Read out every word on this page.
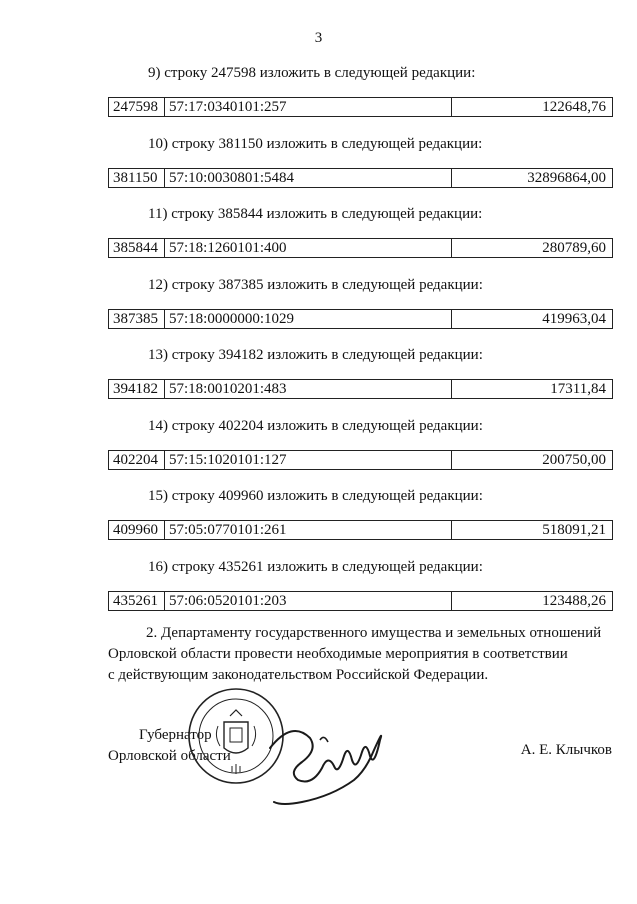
3
9) строку 247598 изложить в следующей редакции:
247598 57:17:0340101:257	122648,76
10) строку 381150 изложить в следующей редакции:
381150 57:10:0030801:5484	32896864,00
11) строку 385844 изложить в следующей редакции:
385844 57:18:1260101:400	280789,60
12) строку 387385 изложить в следующей редакции:
387385 57:18:0000000:1029	419963,04
13) строку 394182 изложить в следующей редакции:
394182 57:18:0010201:483	17311,84
14) строку 402204 изложить в следующей редакции:
402204 57:15:1020101:127	200750,00
15) строку 409960 изложить в следующей редакции:
409960 57:05:0770101:261	518091,21
16) строку 435261 изложить в следующей редакции:
435261 57:06:0520101:203	123488,26
2. Департаменту государственного имущества и земельных отношений
Орловской области провести необходимые мероприятия в соответствии
с действующим законодательством Российской Федерации.
Губернатор
Орловской области	А. Е. Клычков
